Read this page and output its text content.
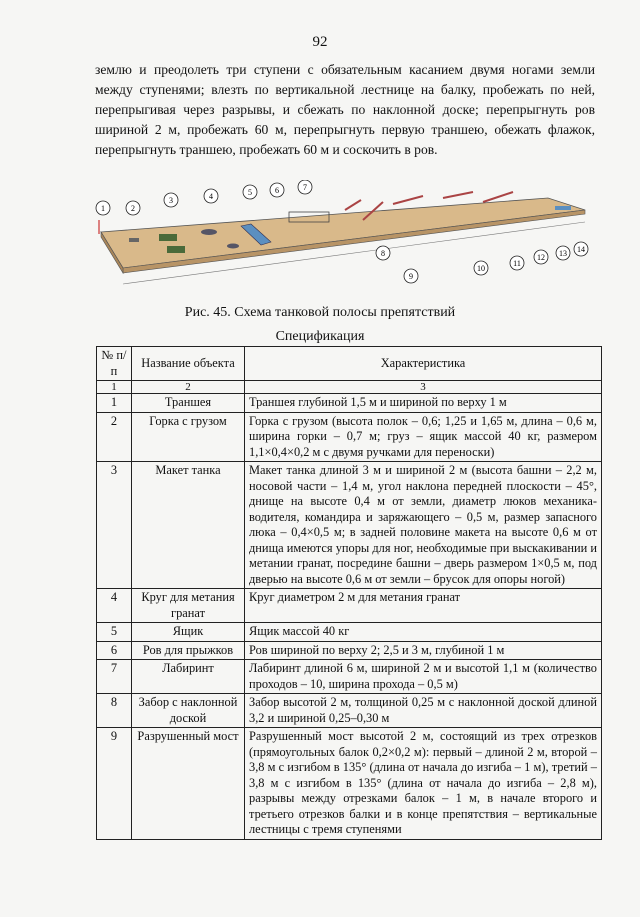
92
землю и преодолеть три ступени с обязательным касанием двумя ногами земли между ступенями; влезть по вертикальной лестнице на балку, пробежать по ней, перепрыгивая через разрывы, и сбежать по наклонной доске; перепрыгнуть ров шириной 2 м, пробежать 60 м, перепрыгнуть первую траншею, обежать флажок, перепрыгнуть траншею, пробежать 60 м и соскочить в ров.
1	2
3	4	5	6	7
8
9
10
11
12 13 14
Рис. 45. Схема танковой полосы препятствий
Спецификация
№ п/п	Название объекта	Характеристика
1	2	3
1	Траншея	Траншея глубиной 1,5 м и шириной по верху 1 м
2	Горка с грузом	Горка с грузом (высота полок – 0,6; 1,25 и 1,65 м, длина – 0,6 м, ширина горки – 0,7 м; груз – ящик массой 40 кг, размером 1,1×0,4×0,2 м с двумя ручками для переноски)
3	Макет танка	Макет танка длиной 3 м и шириной 2 м (высота башни – 2,2 м, носовой части – 1,4 м, угол наклона передней плоскости – 45°, днище на высоте 0,4 м от земли, диаметр люков механика-водителя, командира и заряжающего – 0,5 м, размер запасного люка – 0,4×0,5 м; в задней половине макета на высоте 0,6 м от днища имеются упоры для ног, необходимые при выскакивании и метании гранат, посредине башни – дверь размером 1×0,5 м, под дверью на высоте 0,6 м от земли – брусок для опоры ногой)
4	Круг для метания гранат	Круг диаметром 2 м для метания гранат
5	Ящик	Ящик массой 40 кг
6	Ров для прыжков	Ров шириной по верху 2; 2,5 и 3 м, глубиной 1 м
7	Лабиринт	Лабиринт длиной 6 м, шириной 2 м и высотой 1,1 м (количество проходов – 10, ширина прохода – 0,5 м)
8	Забор с наклонной доской	Забор высотой 2 м, толщиной 0,25 м с наклонной доской длиной 3,2 и шириной 0,25–0,30 м
9	Разрушенный мост	Разрушенный мост высотой 2 м, состоящий из трех отрезков (прямоугольных балок 0,2×0,2 м): первый – длиной 2 м, второй – 3,8 м с изгибом в 135° (длина от начала до изгиба – 1 м), третий – 3,8 м с изгибом в 135° (длина от начала до изгиба – 2,8 м), разрывы между отрезками балок – 1 м, в начале второго и третьего отрезков балки и в конце препятствия – вертикальные лестницы с тремя ступенями
